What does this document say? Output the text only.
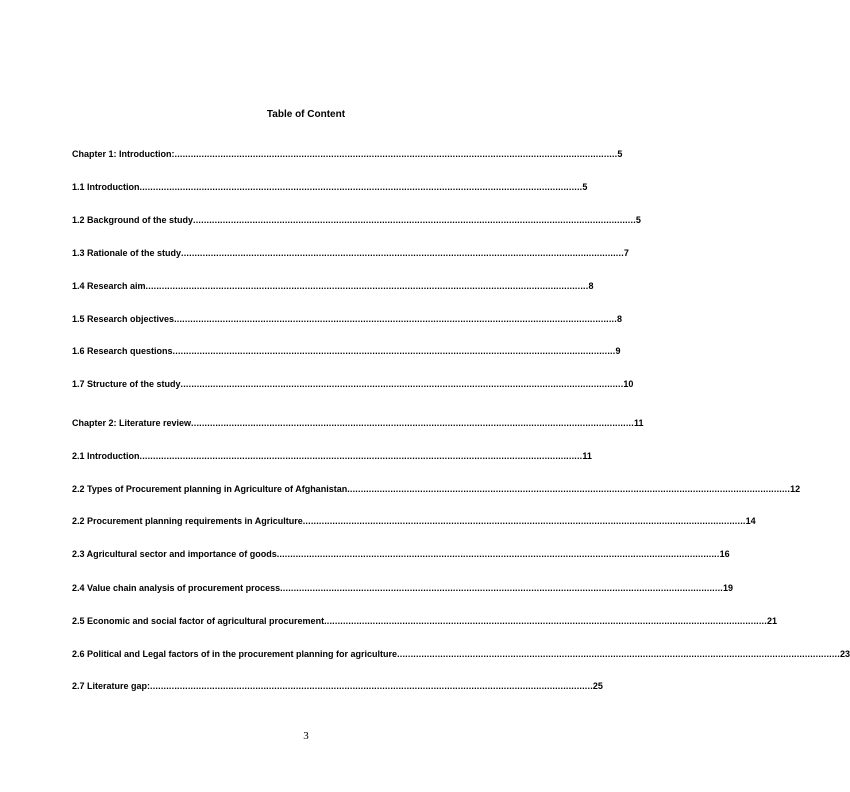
Table of Content
Chapter 1: Introduction: .................................................................................................................................................................... 5
1.1 Introduction .................................................................................................................................................................... 5
1.2 Background of the study .................................................................................................................................................................... 5
1.3 Rationale of the study .................................................................................................................................................................... 7
1.4 Research aim .................................................................................................................................................................... 8
1.5 Research objectives .................................................................................................................................................................... 8
1.6 Research questions .................................................................................................................................................................... 9
1.7 Structure of the study .................................................................................................................................................................... 10
Chapter 2: Literature review .................................................................................................................................................................... 11
2.1 Introduction .................................................................................................................................................................... 11
2.2 Types of Procurement planning in Agriculture of Afghanistan .................................................................................................................................................................... 12
2.2 Procurement planning requirements in Agriculture .................................................................................................................................................................... 14
2.3 Agricultural sector and importance of goods .................................................................................................................................................................... 16
2.4 Value chain analysis of procurement process .................................................................................................................................................................... 19
2.5 Economic and social factor of agricultural procurement .................................................................................................................................................................... 21
2.6 Political and Legal factors of in the procurement planning for agriculture .................................................................................................................................................................... 23
2.7 Literature gap: .................................................................................................................................................................... 25
3
